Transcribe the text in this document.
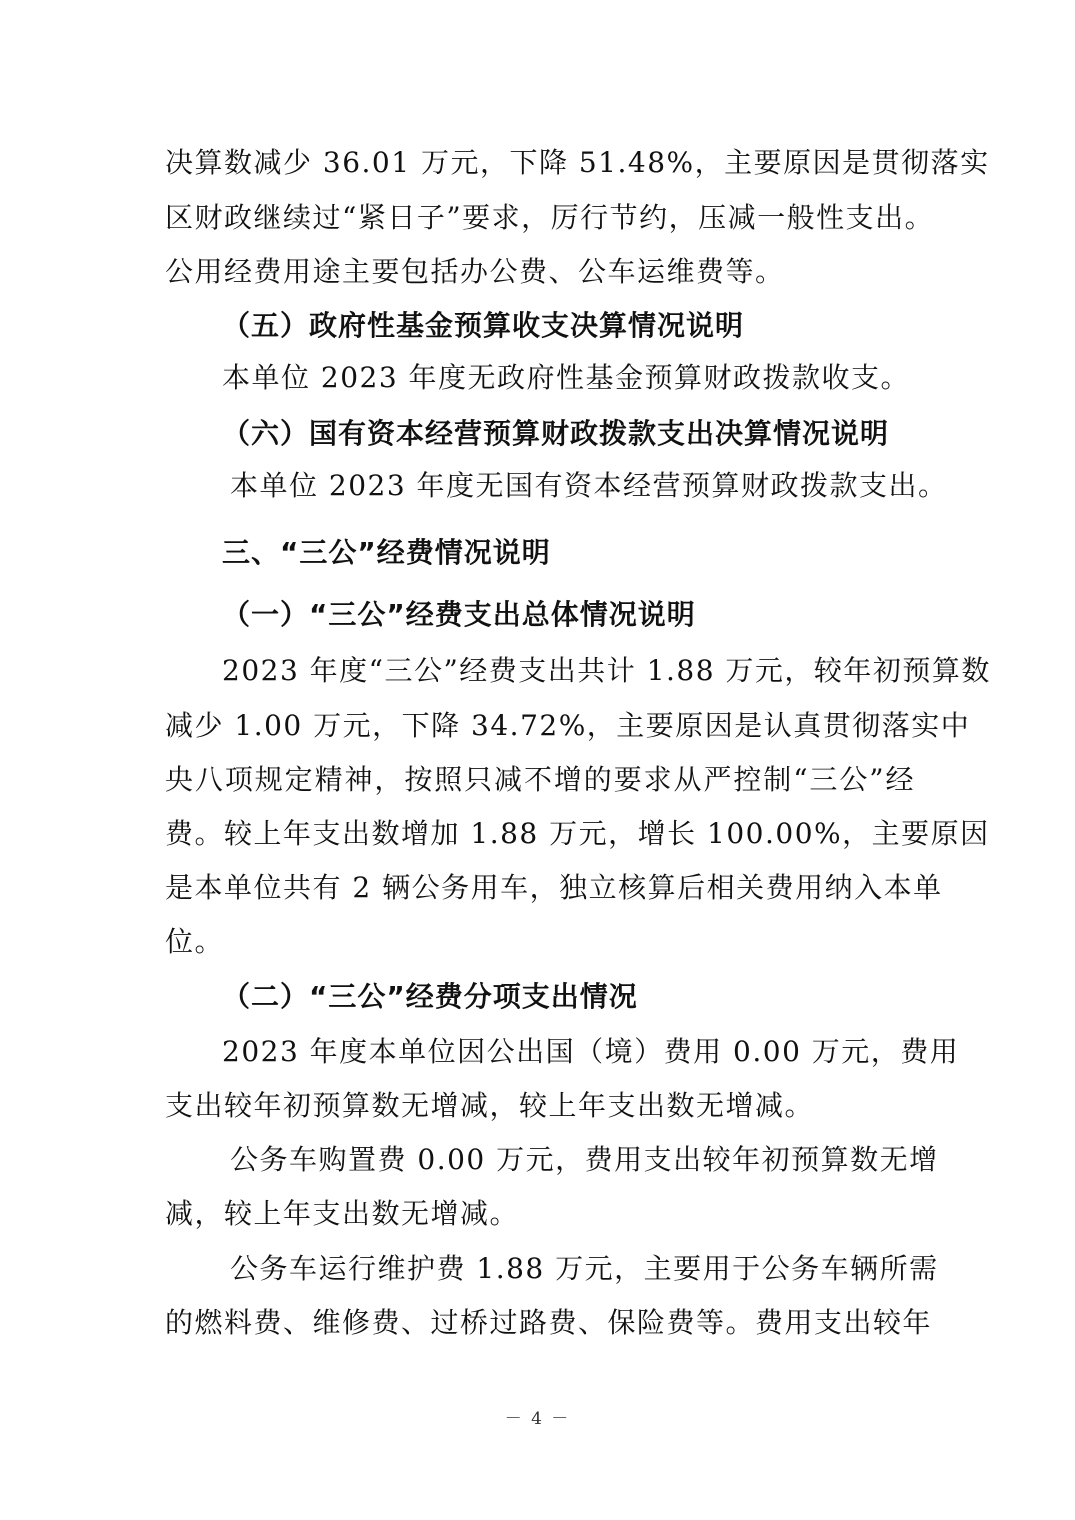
决算数减少 36.01 万元，下降 51.48%，主要原因是贯彻落实
区财政继续过“紧日子”要求，厉行节约，压减一般性支出。
公用经费用途主要包括办公费、公车运维费等。
（五）政府性基金预算收支决算情况说明
本单位 2023 年度无政府性基金预算财政拨款收支。
（六）国有资本经营预算财政拨款支出决算情况说明
本单位 2023 年度无国有资本经营预算财政拨款支出。
三、“三公”经费情况说明
（一）“三公”经费支出总体情况说明
2023 年度“三公”经费支出共计 1.88 万元，较年初预算数
减少 1.00 万元，下降 34.72%，主要原因是认真贯彻落实中
央八项规定精神，按照只减不增的要求从严控制“三公”经
费。较上年支出数增加 1.88 万元，增长 100.00%，主要原因
是本单位共有 2 辆公务用车，独立核算后相关费用纳入本单
位。
（二）“三公”经费分项支出情况
2023 年度本单位因公出国（境）费用 0.00 万元，费用
支出较年初预算数无增减，较上年支出数无增减。
公务车购置费 0.00 万元，费用支出较年初预算数无增
减，较上年支出数无增减。
公务车运行维护费 1.88 万元，主要用于公务车辆所需
的燃料费、维修费、过桥过路费、保险费等。费用支出较年
－ 4 －
